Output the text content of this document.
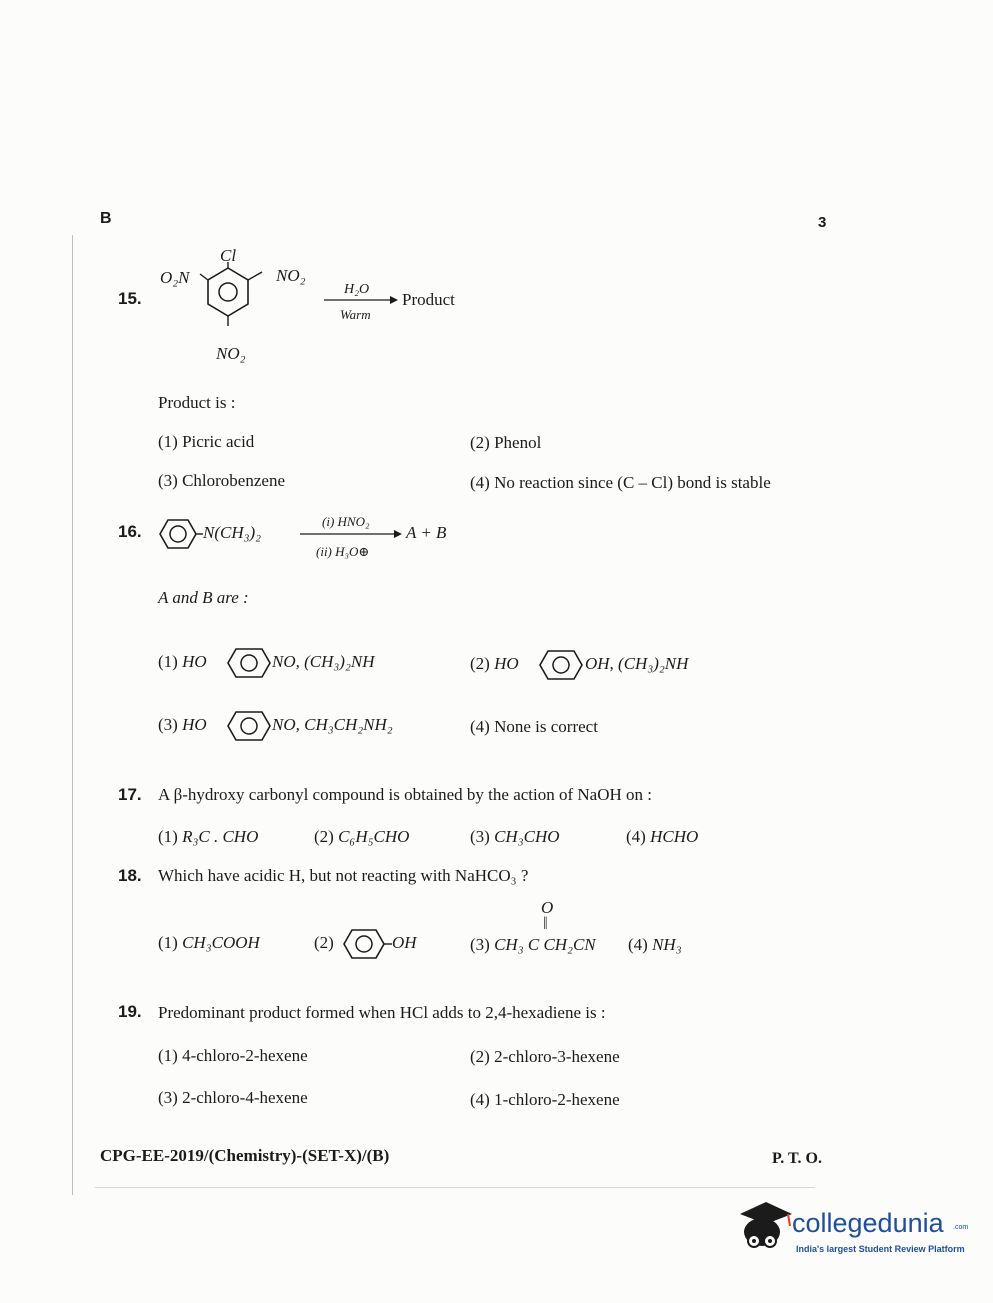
B	3
15.
Cl
O₂N	NO₂
NO₂
H₂O
Warm
Product
Product is :
(1) Picric acid	(2) Phenol
(3) Chlorobenzene	(4) No reaction since (C – Cl) bond is stable
16.	N(CH₃)₂
(i) HNO₂
(ii) H₃O⊕
A + B
A and B are :
(1) HO	NO, (CH₃)₂NH	(2) HO	OH, (CH₃)₂NH
(3) HO	NO, CH₃CH₂NH₂	(4) None is correct
17. A β-hydroxy carbonyl compound is obtained by the action of NaOH on :
(1) R₃C . CHO	(2) C₆H₅CHO	(3) CH₃CHO	(4) HCHO
18. Which have acidic H, but not reacting with NaHCO₃ ?
(1) CH₃COOH	(2)	OH
O
||
(3) CH₃ C CH₂CN (4) NH₃
19. Predominant product formed when HCl adds to 2,4-hexadiene is :
(1) 4-chloro-2-hexene	(2) 2-chloro-3-hexene
(3) 2-chloro-4-hexene	(4) 1-chloro-2-hexene
CPG-EE-2019/(Chemistry)-(SET-X)/(B)	P. T. O.
collegedunia .com
India's largest Student Review Platform
